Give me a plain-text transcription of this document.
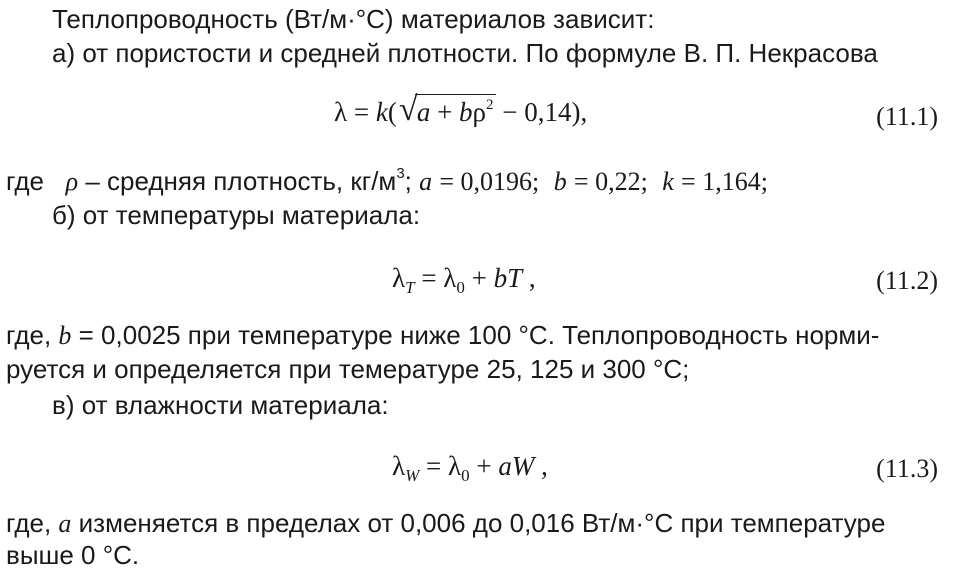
Теплопроводность (Вт/м·°С) материалов зависит:
а) от пористости и средней плотности. По формуле В. П. Некрасова
λ = k( √ $a + b\rho^2 - 0,14$),	(11.1)
где ρ – средняя плотность, $кг/м^3$; a = 0,0196; b = 0,22; k = 1,164;
б) от температуры материала:
$\lambda_T = \lambda_0$ + bT ,	(11.2)
где, b = 0,0025 при температуре ниже 100 °С. Теплопроводность норми-
руется и определяется при темературе 25, 125 и 300 °С;
в) от влажности материала:
$\lambda_W = \lambda_0$ + aW ,	(11.3)
где, a изменяется в пределах от 0,006 до 0,016 Вт/м·°С при температуре
выше 0 °С.
